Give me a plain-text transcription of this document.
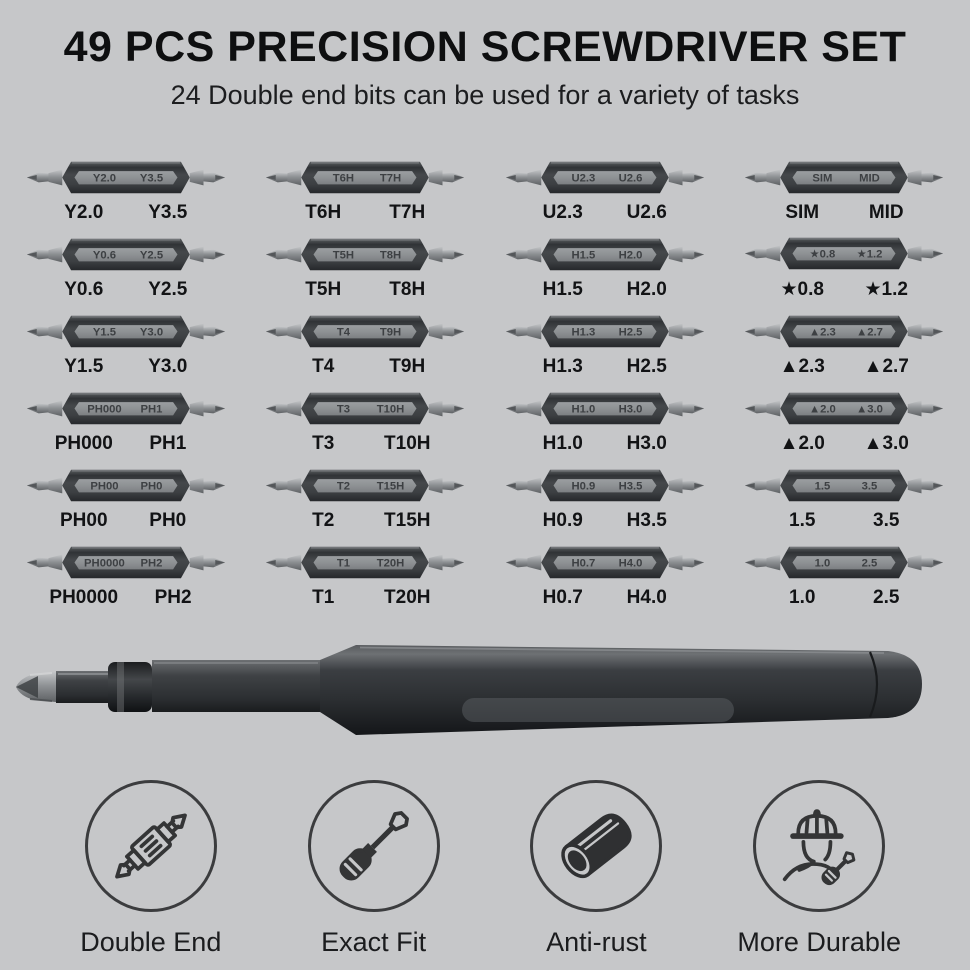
49 PCS PRECISION SCREWDRIVER SET
24 Double end bits can be used for a variety of tasks
Y2.0 Y3.5
Y2.0	Y3.5
T6H T7H
T6H	T7H
U2.3 U2.6
U2.3	U2.6
SIM MID
SIM	MID
Y0.6 Y2.5
Y0.6	Y2.5
T5H T8H
T5H	T8H
H1.5 H2.0
H1.5	H2.0
★0.8 ★1.2
★0.8	★1.2
Y1.5 Y3.0
Y1.5	Y3.0
T4	T9H
T4	T9H
H1.3 H2.5
H1.3	H2.5
▲2.3 ▲2.7
▲2.3	▲2.7
PH000 PH1
PH000	PH1
T3 T10H
T3	T10H
H1.0 H3.0
H1.0	H3.0
▲2.0 ▲3.0
▲2.0	▲3.0
PH00 PH0
PH00	PH0
T2 T15H
T2	T15H
H0.9 H3.5
H0.9	H3.5
1.5	3.5
1.5	3.5
PH0000 PH2
PH0000	PH2
T1 T20H
T1	T20H
H0.7 H4.0
H0.7	H4.0
1.0	2.5
1.0	2.5
Double End	Exact Fit	Anti-rust	More Durable
